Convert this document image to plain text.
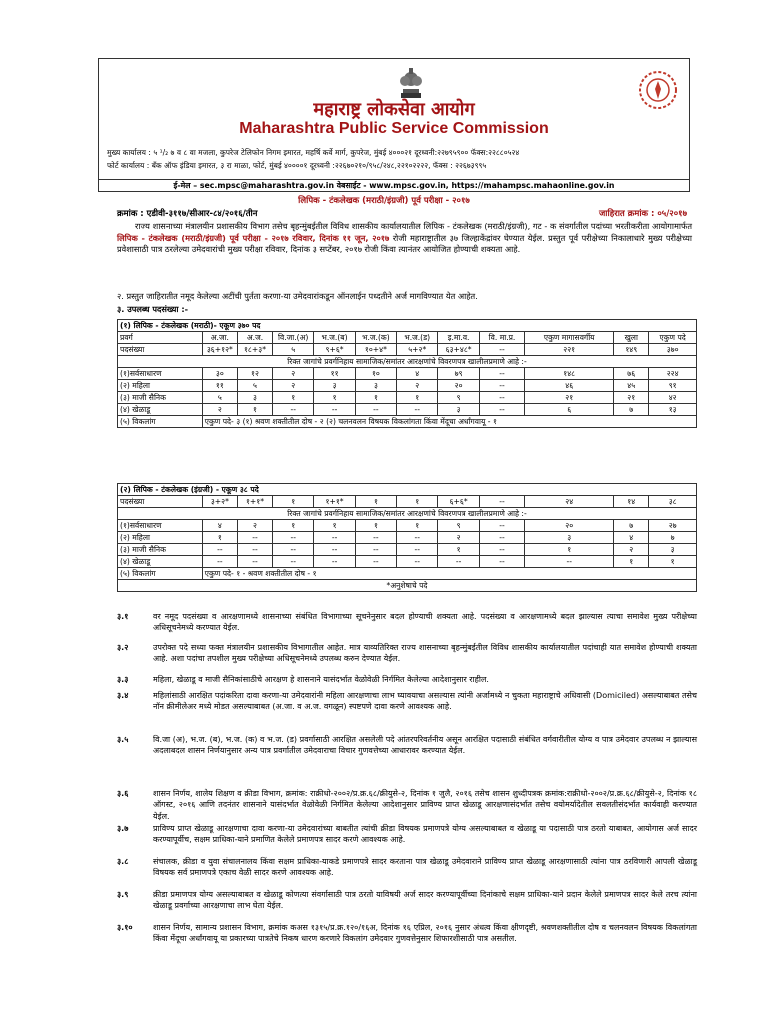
महाराष्ट्र लोकसेवा आयोग
Maharashtra Public Service Commission
मुख्य कार्यालय : ५ ¹/₂ ७ व ८ वा मजला, कुपरेज टेलिफोन निगम इमारत, महर्षि कर्वे मार्ग, कुपरेज, मुंबई ४०००२१ दूरध्वनी:२२७९५९०० फॅक्स:२२८८०५२४
फोर्ट कार्यालय : बँक ऑफ इंडिया इमारत, ३ रा माळा, फोर्ट, मुंबई ४००००१ दूरध्वनी :२२६७०२१०/९५८/२४८,२२१०२२२२, फॅक्स : २२६७३९९५
ई-मेल – sec.mpsc@maharashtra.gov.in वेबसाईट - www.mpsc.gov.in, https://mahampsc.mahaonline.gov.in
लिपिक - टंकलेखक (मराठी/इंग्रजी) पूर्व परीक्षा - २०१७
क्रमांक : एडीवी-३११७/सीआर-८४/२०१६/तीन	जाहिरात क्रमांक : ०५/२०१७
राज्य शासनाच्या मंत्रालयीन प्रशासकीय विभाग तसेच बृहन्मुंबईतील विविध शासकीय कार्यालयातील लिपिक - टंकलेखक (मराठी/इंग्रजी), गट - क संवर्गातील पदांच्या भरतीकरीता आयोगामार्फत लिपिक - टंकलेखक (मराठी/इंग्रजी) पूर्व परीक्षा - २०१७ रविवार, दिनांक ११ जून, २०१७ रोजी महाराष्ट्रातील ३७ जिल्हाकेंद्रांवर घेण्यात येईल. प्रस्तुत पूर्व परीक्षेच्या निकालाधारे मुख्य परीक्षेच्या प्रवेशासाठी पात्र ठरलेल्या उमेदवारांची मुख्य परीक्षा रविवार, दिनांक ३ सप्टेंबर, २०१७ रोजी किंवा त्यानंतर आयोजित होण्याची शक्यता आहे.
२. प्रस्तुत जाहिरातीत नमूद केलेल्या अटींची पुर्तता करणा-या उमेदवारांकडून ऑनलाईन पध्दतीने अर्ज मागविण्यात येत आहेत.
३. उपलब्ध पदसंख्या :-
(१) लिपिक - टंकलेखक (मराठी)- एकूण ३७० पद											
प्रवर्ग	अ.जा.	अ.ज.	वि.जा.(अ)	भ.ज.(ब)	भ.ज.(क)	भ.ज.(ड)	इ.मा.व.	वि. मा.प्र.	एकुण मागासवर्गीय	खुला	एकुण पदे
पदसंख्या	३६+१२*	१८+३*	५	९+६*	१०+४*	५+२*	६३+४८*	--	२२१	१४९	३७०
रिक्त जागांचे प्रवर्गनिहाय सामाजिक/समांतर आरक्षणांचे विवरणपत्र खालीलप्रमाणे आहे :-											
(१)सर्वसाधारण	३०	१२	२	११	१०	४	७९	--	१४८	७६	२२४
(२) महिला	११	५	२	३	३	२	२०	--	४६	४५	९१
(३) माजी सैनिक	५	३	१	१	१	१	९	--	२१	२१	४२
(४) खेळाडू	२	१	--	--	--	--	३	--	६	७	१३
(५) विकलांग	एकुण पदे- ३ (१) श्रवण शक्तीतील दोष - २ (२) चलनवलन विषयक विकलांगता किंवा मेंदूचा अर्धांगवायू - १										
(२) लिपिक - टंकलेखक (इंग्रजी) - एकूण ३८ पदे											
पदसंख्या	३+२*	१+१*	१	१+१*	१	१	६+६*	--	२४	१४	३८
रिक्त जागांचे प्रवर्गनिहाय सामाजिक/समांतर आरक्षणांचे विवरणपत्र खालीलप्रमाणे आहे :-											
(१)सर्वसाधारण	४	२	१	१	१	१	९	--	२०	७	२७
(२) महिला	१	--	--	--	--	--	२	--	३	४	७
(३) माजी सैनिक	--	--	--	--	--	--	१	--	१	२	३
(४) खेळाडू	--	--	--	--	--	--	--	--	--	१	१
(५) विकलांग	एकुण पदे- १ - श्रवण शक्तीतील दोष - १										
*अनुशेषाचे पदे											
३.१	वर नमूद पदसंख्या व आरक्षणामध्ये शासनाच्या संबंधित विभागाच्या सूचनेनुसार बदल होण्याची शक्यता आहे. पदसंख्या व आरक्षणामध्ये बदल झाल्यास त्याचा समावेश मुख्य परीक्षेच्या अधिसूचनेमध्ये करण्यात येईल.
३.२	उपरोक्त पदे सध्या फक्त मंत्रालयीन प्रशासकीय विभागातील आहेत. मात्र याव्यतिरिक्त राज्य शासनाच्या बृहन्मुंबईतील विविध शासकीय कार्यालयातील पदांचाही यात समावेश होण्याची शक्यता आहे. अशा पदांचा तपशील मुख्य परीक्षेच्या अधिसूचनेमध्ये उपलब्ध करुन देण्यात येईल.
३.३	महिला, खेळाडू व माजी सैनिकांसाठीचे आरक्षण हे शासनाने यासंदर्भात वेळोवेळी निर्गमित केलेल्या आदेशानुसार राहील.
३.४	महिलांसाठी आरक्षित पदांकरिता दावा करणा-या उमेदवारांनी महिला आरक्षणाचा लाभ घ्यावयाचा असल्यास त्यांनी अर्जामध्ये न चुकता महाराष्ट्राचे अधिवासी (Domiciled) असल्याबाबत तसेच नॉन क्रीमीलेअर मध्ये मोडत असल्याबाबत (अ.जा. व अ.ज. वगळून) स्पष्टपणे दावा करणे आवश्यक आहे.
३.५	वि.जा (अ), भ.ज. (ब), भ.ज. (क) व भ.ज. (ड) प्रवर्गासाठी आरक्षित असलेली पदे आंतरपरिवर्तनीय असून आरक्षित पदासाठी संबंधित वर्गवारीतील योग्य व पात्र उमेदवार उपलब्ध न झाल्यास अदलाबदल शासन निर्णयानुसार अन्य पात्र प्रवर्गातील उमेदवाराचा विचार गुणवत्तेच्या आधारावर करण्यात येईल.
३.६	शासन निर्णय, शालेय शिक्षण व क्रीडा विभाग, क्रमांक: राक्रीधो-२००२/प्र.क्र.६८/क्रीयुसे-२, दिनांक १ जुलै, २०१६ तसेच शासन शुध्दीपत्रक क्रमांक:राक्रीधो-२००२/प्र.क्र.६८/क्रीयुसे-२, दिनांक १८ ऑगस्ट, २०१६ आणि तदनंतर शासनाने यासंदर्भात वेळोवेळी निर्गमित केलेल्या आदेशानुसार प्राविण्य प्राप्त खेळाडू आरक्षणासंदर्भात तसेच वयोमर्यादेतील सवलतीसंदर्भात कार्यवाही करण्यात येईल.
३.७	प्राविण्य प्राप्त खेळाडू आरक्षणाचा दावा करणा-या उमेदवारांच्या बाबतीत त्यांची क्रीडा विषयक प्रमाणपत्रे योग्य असल्याबाबत व खेळाडू या पदासाठी पात्र ठरतो याबाबत, आयोगास अर्ज सादर करण्यापूर्वीच, सक्षम प्राधिका-याने प्रमाणित केलेले प्रमाणपत्र सादर करणे आवश्यक आहे.
३.८	संचालक, क्रीडा व युवा संचालनालय किंवा सक्षम प्राधिका-याकडे प्रमाणपत्रे सादर करताना पात्र खेळाडू उमेदवाराने प्राविण्य प्राप्त खेळाडू आरक्षणासाठी त्यांना पात्र ठरविणारी आपली खेळाडू विषयक सर्व प्रमाणपत्रे एकाच वेळी सादर करणे आवश्यक आहे.
३.९	क्रीडा प्रमाणपत्र योग्य असल्याबाबत व खेळाडू कोणत्या संवर्गासाठी पात्र ठरतो याविषयी अर्ज सादर करण्यापूर्वीच्या दिनांकाचे सक्षम प्राधिका-याने प्रदान केलेले प्रमाणपत्र सादर केले तरच त्यांना खेळाडू प्रवर्गाच्या आरक्षणाचा लाभ घेता येईल.
३.१०	शासन निर्णय, सामान्य प्रशासन विभाग, क्रमांक कअस १३१५/प्र.क्र.१२०/१६अ, दिनांक १६ एप्रिल, २०१६ नुसार अंधत्व किंवा क्षीणदृष्टी, श्रवणशक्तीतील दोष व चलनवलन विषयक विकलांगता किंवा मेंदूचा अर्धांगवायू या प्रकारच्या पात्रतेचे निकष धारण करणारे विकलांग उमेदवार गुणवत्तेनुसार शिफारशीसाठी पात्र असतील.
